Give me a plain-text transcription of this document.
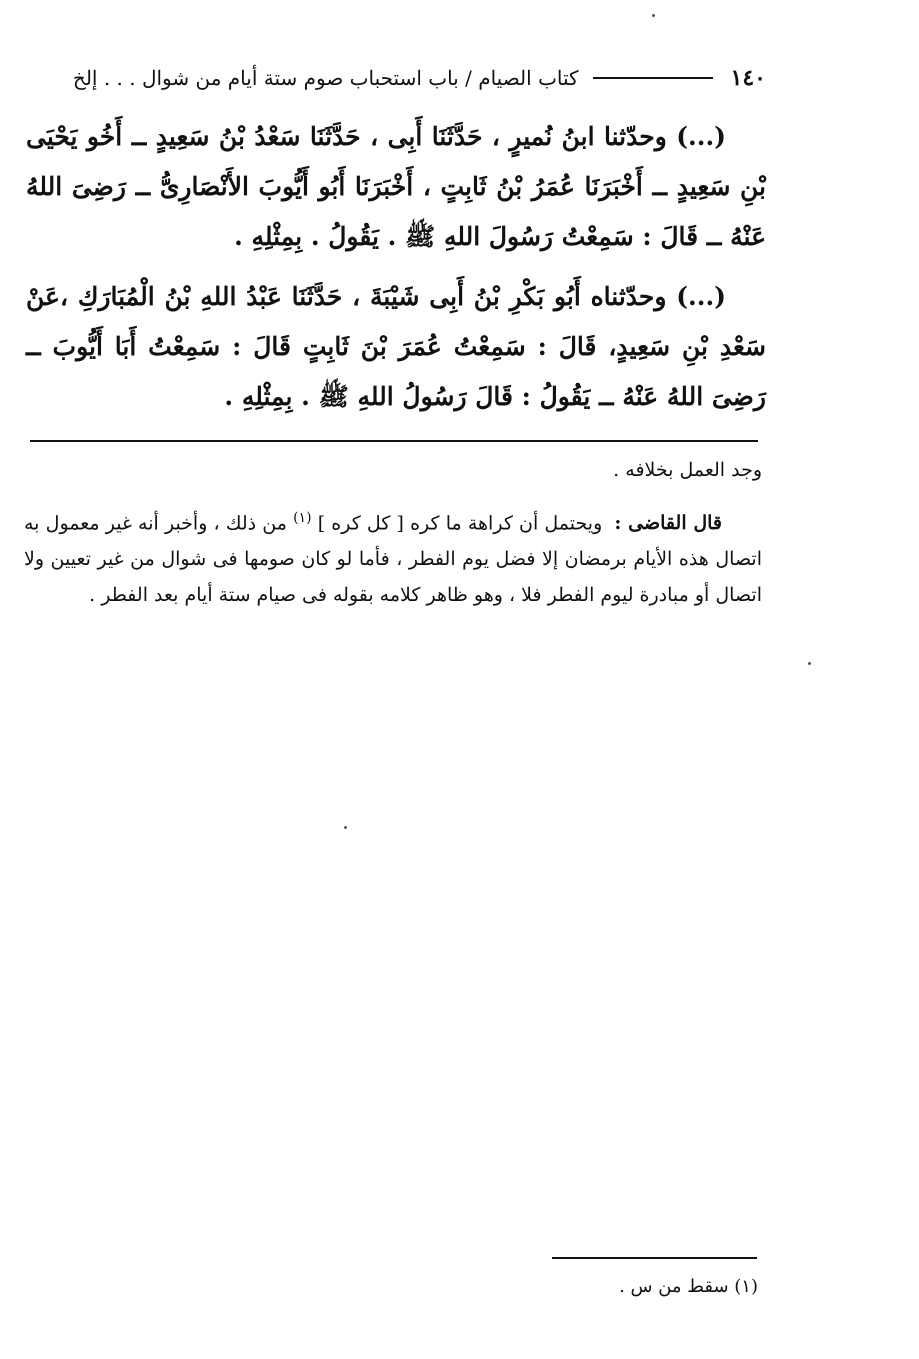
١٤٠
كتاب الصيام / باب استحباب صوم ستة أيام من شوال . . . إلخ

(...) وحدّثنا ابنُ نُميرٍ ، حَدَّثَنَا أَبِى ، حَدَّثَنَا سَعْدُ بْنُ سَعِيدٍ ــ أَخُو يَحْيَى بْنِ سَعِيدٍ ــ أَخْبَرَنَا عُمَرُ بْنُ ثَابِتٍ ، أَخْبَرَنَا أَبُو أَيُّوبَ الأَنْصَارِىُّ ــ رَضِىَ اللهُ عَنْهُ ــ قَالَ : سَمِعْتُ رَسُولَ اللهِ ﷺ . يَقُولُ . بِمِثْلِهِ .

(...) وحدّثناه أَبُو بَكْرِ بْنُ أَبِى شَيْبَةَ ، حَدَّثَنَا عَبْدُ اللهِ بْنُ الْمُبَارَكِ ،عَنْ سَعْدِ بْنِ سَعِيدٍ، قَالَ : سَمِعْتُ عُمَرَ بْنَ ثَابِتٍ قَالَ : سَمِعْتُ أَبَا أَيُّوبَ ــ رَضِىَ اللهُ عَنْهُ ــ يَقُولُ : قَالَ رَسُولُ اللهِ ﷺ . بِمِثْلِهِ .

وجد العمل بخلافه .

قال القاضى : ويحتمل أن كراهة ما كره [ كل كره ] $^{(١)}$ من ذلك ، وأخبر أنه غير معمول به اتصال هذه الأيام برمضان إلا فضل يوم الفطر ، فأما لو كان صومها فى شوال من غير تعيين ولا اتصال أو مبادرة ليوم الفطر فلا ، وهو ظاهر كلامه بقوله فى صيام ستة أيام بعد الفطر .

(١) سقط من س .
